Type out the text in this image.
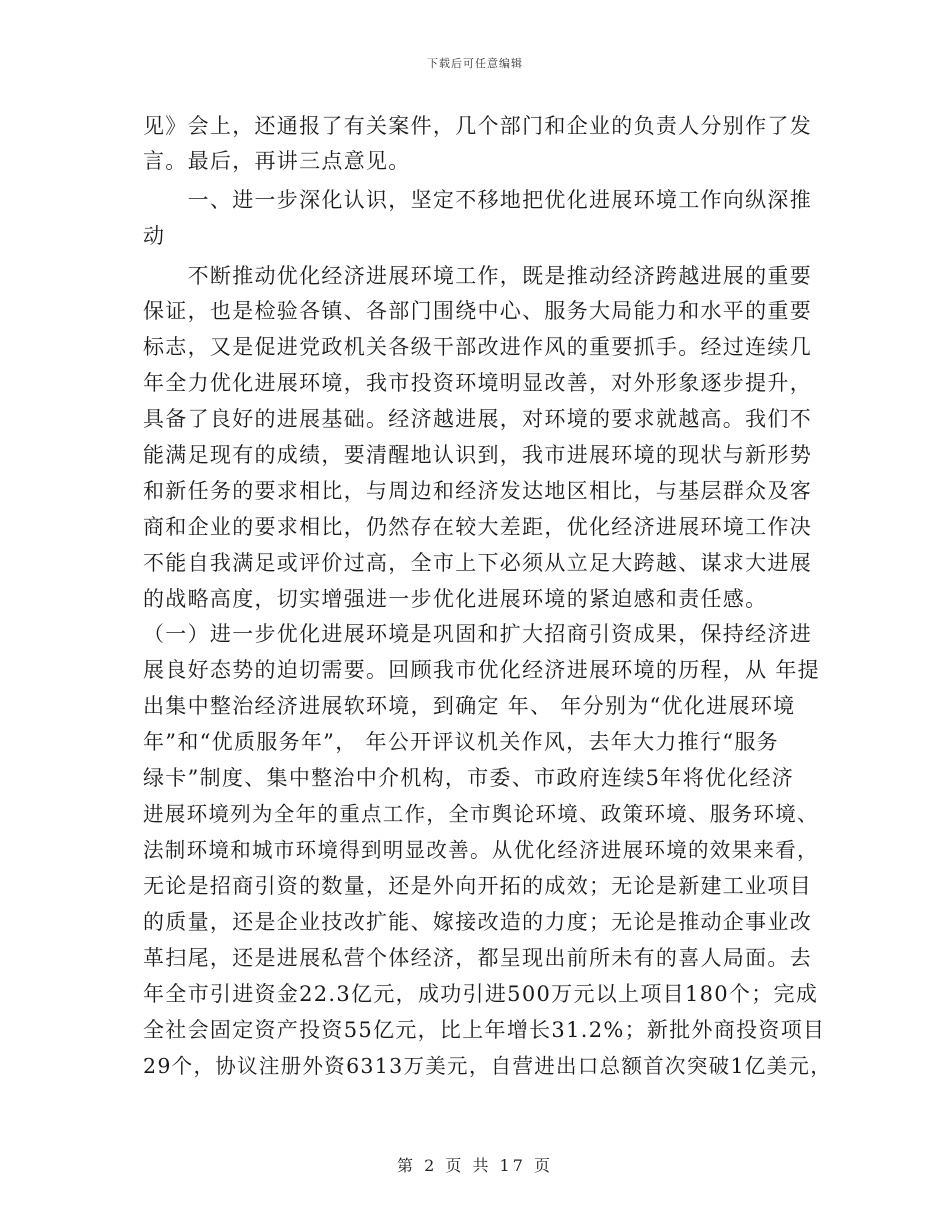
下载后可任意编辑
见》会上，还通报了有关案件，几个部门和企业的负责人分别作了发
言。最后，再讲三点意见。
　　一、进一步深化认识，坚定不移地把优化进展环境工作向纵深推
动
　　不断推动优化经济进展环境工作，既是推动经济跨越进展的重要
保证，也是检验各镇、各部门围绕中心、服务大局能力和水平的重要
标志，又是促进党政机关各级干部改进作风的重要抓手。经过连续几
年全力优化进展环境，我市投资环境明显改善，对外形象逐步提升，
具备了良好的进展基础。经济越进展，对环境的要求就越高。我们不
能满足现有的成绩，要清醒地认识到，我市进展环境的现状与新形势
和新任务的要求相比，与周边和经济发达地区相比，与基层群众及客
商和企业的要求相比，仍然存在较大差距，优化经济进展环境工作决
不能自我满足或评价过高，全市上下必须从立足大跨越、谋求大进展
的战略高度，切实增强进一步优化进展环境的紧迫感和责任感。
（一）进一步优化进展环境是巩固和扩大招商引资成果，保持经济进
展良好态势的迫切需要。回顾我市优化经济进展环境的历程，从 年提
出集中整治经济进展软环境，到确定 年、 年分别为“优化进展环境
年”和“优质服务年”， 年公开评议机关作风，去年大力推行“服务
绿卡”制度、集中整治中介机构，市委、市政府连续5年将优化经济
进展环境列为全年的重点工作，全市舆论环境、政策环境、服务环境、
法制环境和城市环境得到明显改善。从优化经济进展环境的效果来看，
无论是招商引资的数量，还是外向开拓的成效；无论是新建工业项目
的质量，还是企业技改扩能、嫁接改造的力度；无论是推动企事业改
革扫尾，还是进展私营个体经济，都呈现出前所未有的喜人局面。去
年全市引进资金22.3亿元，成功引进500万元以上项目180个；完成
全社会固定资产投资55亿元，比上年增长31.2%；新批外商投资项目
29个，协议注册外资6313万美元，自营进出口总额首次突破1亿美元，
第 2 页 共 17 页
